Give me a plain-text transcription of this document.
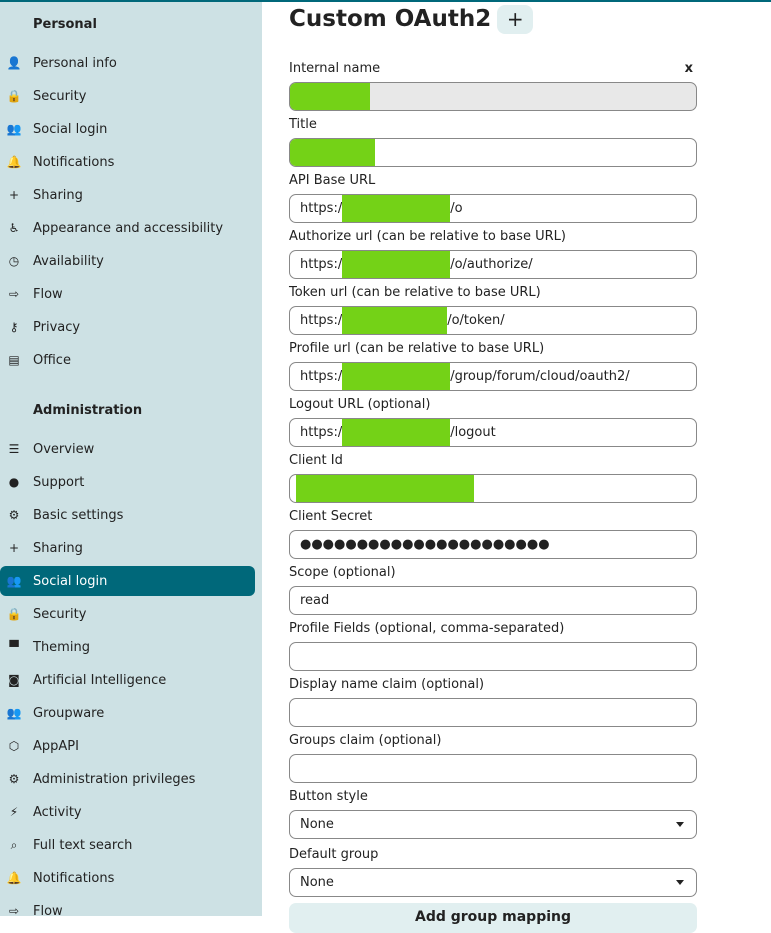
Personal
👤 Personal info
🔒 Security
👥 Social login
🔔 Notifications
+ Sharing
♿ Appearance and accessibility
◷ Availability
⇨ Flow
⚷ Privacy
▤ Office
Administration
☰ Overview
● Support
⚙ Basic settings
+ Sharing
👥 Social login
🔒 Security
▀ Theming
◙ Artificial Intelligence
👥 Groupware
⬡ AppAPI
⚙ Administration privileges
⚡ Activity
⌕ Full text search
🔔 Notifications
⇨ Flow
Custom OAuth2 +
Internal name	x
Title
API Base URL
https:/	/o
Authorize url (can be relative to base URL)
https:/	/o/authorize/
Token url (can be relative to base URL)
https:/	/o/token/
Profile url (can be relative to base URL)
https:/	/group/forum/cloud/oauth2/
Logout URL (optional)
https:/	/logout
Client Id
Client Secret
●●●●●●●●●●●●●●●●●●●●●●
Scope (optional)
read
Profile Fields (optional, comma-separated)
Display name claim (optional)
Groups claim (optional)
Button style
None
Default group
None
Add group mapping
